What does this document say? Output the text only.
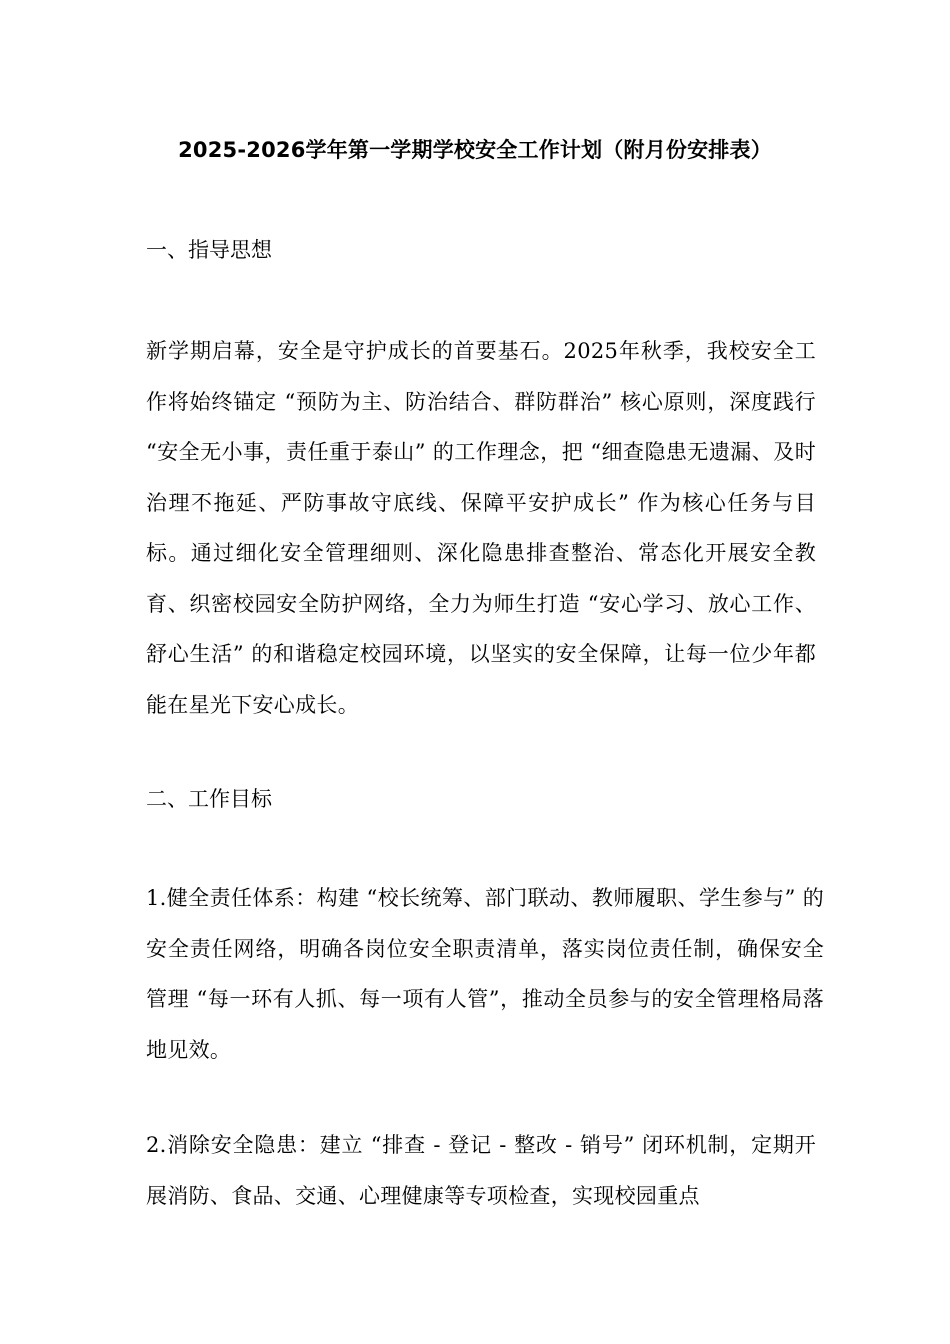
2025-2026学年第一学期学校安全工作计划（附月份安排表）
一、指导思想
新学期启幕，安全是守护成长的首要基石。2025年秋季，我校安全工作将始终锚定 “预防为主、防治结合、群防群治” 核心原则，深度践行 “安全无小事，责任重于泰山” 的工作理念，把 “细查隐患无遗漏、及时治理不拖延、严防事故守底线、保障平安护成长” 作为核心任务与目标。通过细化安全管理细则、深化隐患排查整治、常态化开展安全教育、织密校园安全防护网络，全力为师生打造 “安心学习、放心工作、舒心生活” 的和谐稳定校园环境，以坚实的安全保障，让每一位少年都能在星光下安心成长。
二、工作目标
1.健全责任体系：构建 “校长统筹、部门联动、教师履职、学生参与” 的安全责任网络，明确各岗位安全职责清单，落实岗位责任制，确保安全管理 “每一环有人抓、每一项有人管”，推动全员参与的安全管理格局落地见效。
2.消除安全隐患：建立 “排查 - 登记 - 整改 - 销号” 闭环机制，定期开展消防、食品、交通、心理健康等专项检查，实现校园重点
